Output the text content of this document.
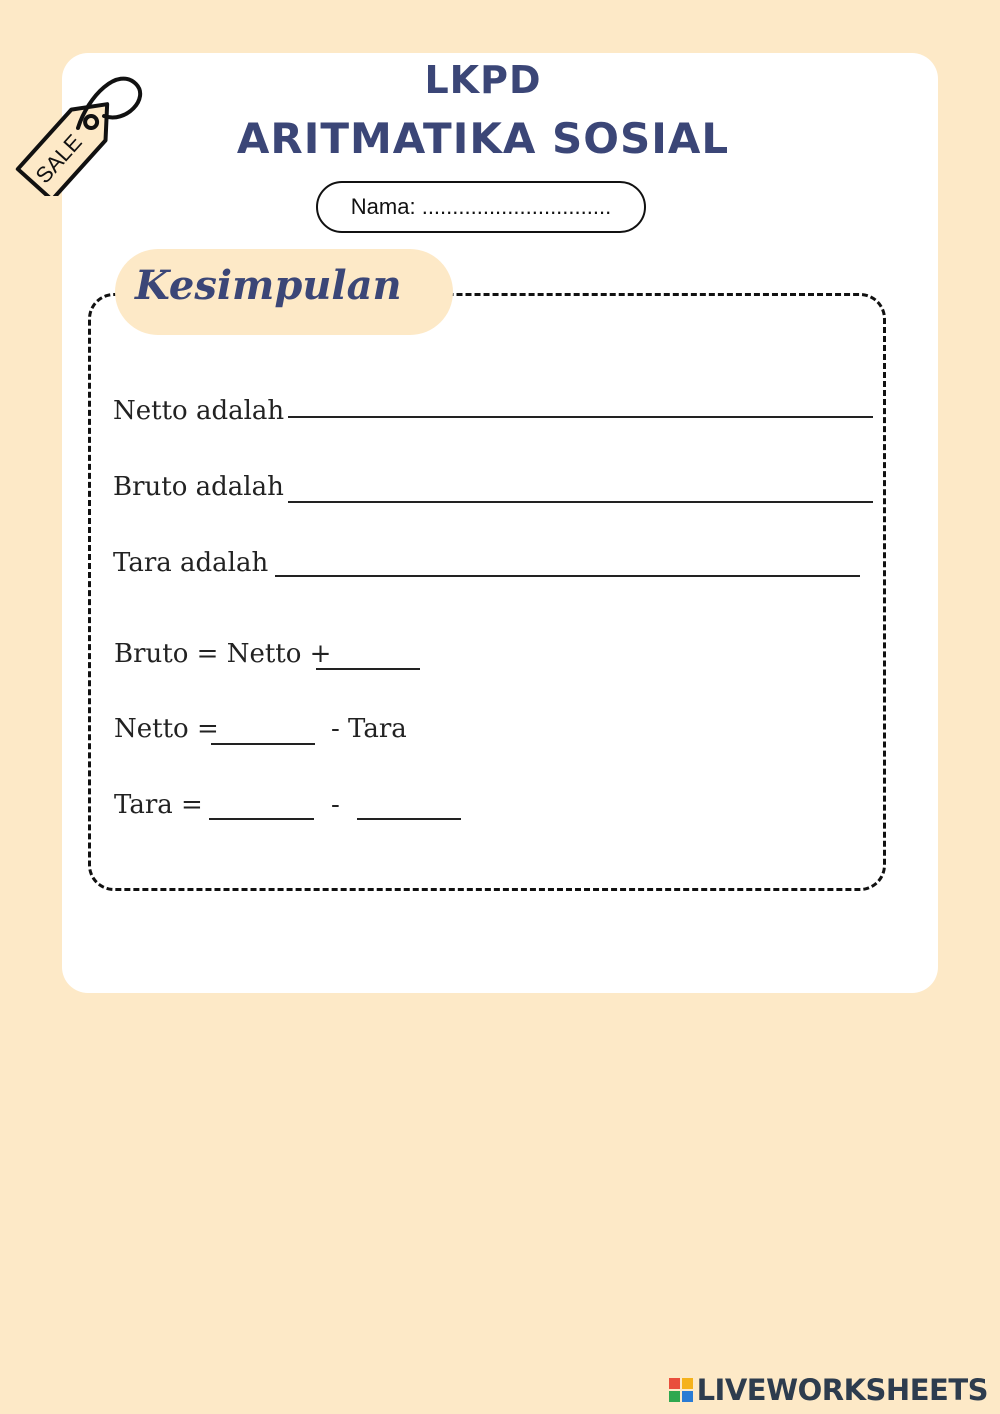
SALE
LKPD
ARITMATIKA SOSIAL
Nama: ...............................
Kesimpulan
Netto adalah
Bruto adalah
Tara adalah
Bruto = Netto +
Netto =	- Tara
Tara =	-
LIVEWORKSHEETS
